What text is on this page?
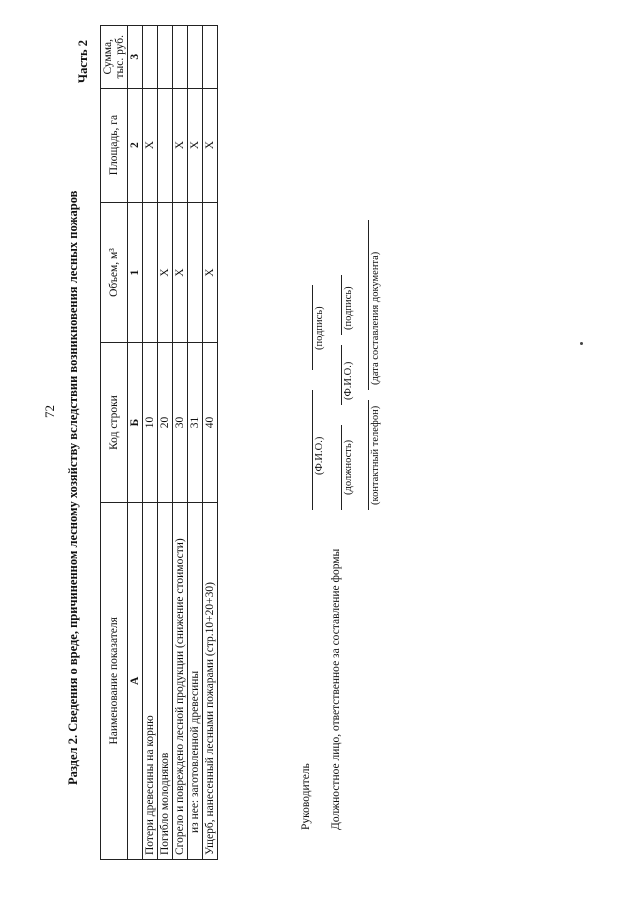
72 Раздел 2. Сведения о вреде, причиненном лесному хозяйству вследствии возникновения лесных пожаров
Часть 2
Наименование показателя	Код строки	Объем, м³	Площадь, га	Сумма, тыс. руб.
А	Б	1	2	3
Потери древесины на корню	10		Х	
Погибло молодняков	20	Х		
Сгорело и повреждено лесной продукции (снижение стоимости)	30	Х	Х	
из нее: заготовленной древесины	31		Х	
Ущерб, нанесенный лесными пожарами (стр.10+20+30)	40	Х	Х	
Руководитель
(Ф.И.О.)
(подпись)
Должностное лицо, ответственное за составление формы
(должность)
(Ф.И.О.)
(подпись)
(контактный телефон)
(дата составления документа)
